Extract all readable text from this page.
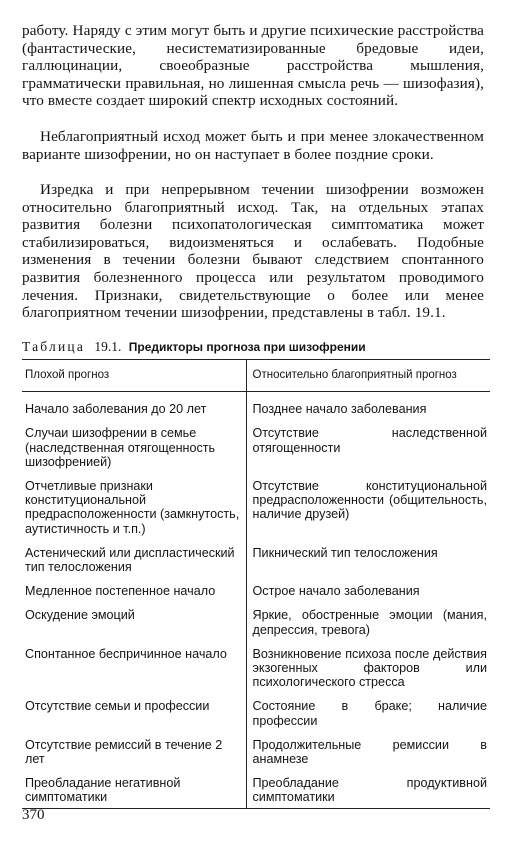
работу. Наряду с этим могут быть и другие психические расстройства (фантастические, несистематизированные бредовые идеи, галлюцинации, своеобразные расстройства мышления, грамматически правильная, но лишенная смысла речь — шизофазия), что вместе создает широкий спектр исходных состояний.

Неблагоприятный исход может быть и при менее злокачественном варианте шизофрении, но он наступает в более поздние сроки.

Изредка и при непрерывном течении шизофрении возможен относительно благоприятный исход. Так, на отдельных этапах развития болезни психопатологическая симптоматика может стабилизироваться, видоизменяться и ослабевать. Подобные изменения в течении болезни бывают следствием спонтанного развития болезненного процесса или результатом проводимого лечения. Признаки, свидетельствующие о более или менее благоприятном течении шизофрении, представлены в табл. 19.1.

Таблица 19.1. Предикторы прогноза при шизофрении
Плохой прогноз	Относительно благоприятный прогноз
Начало заболевания до 20 лет	Позднее начало заболевания
Случаи шизофрении в семье (наследственная отягощенность шизофренией)	Отсутствие наследственной отягощенности
Отчетливые признаки конституциональной предрасположенности (замкнутость, аутистичность и т.п.)	Отсутствие конституциональной предрасположенности (общительность, наличие друзей)
Астенический или диспластический тип телосложения	Пикнический тип телосложения
Медленное постепенное начало	Острое начало заболевания
Оскудение эмоций	Яркие, обостренные эмоции (мания, депрессия, тревога)
Спонтанное беспричинное начало	Возникновение психоза после действия экзогенных факторов или психологического стресса
Отсутствие семьи и профессии	Состояние в браке; наличие профессии
Отсутствие ремиссий в течение 2 лет	Продолжительные ремиссии в анамнезе
Преобладание негативной симптоматики	Преобладание продуктивной симптоматики
370
